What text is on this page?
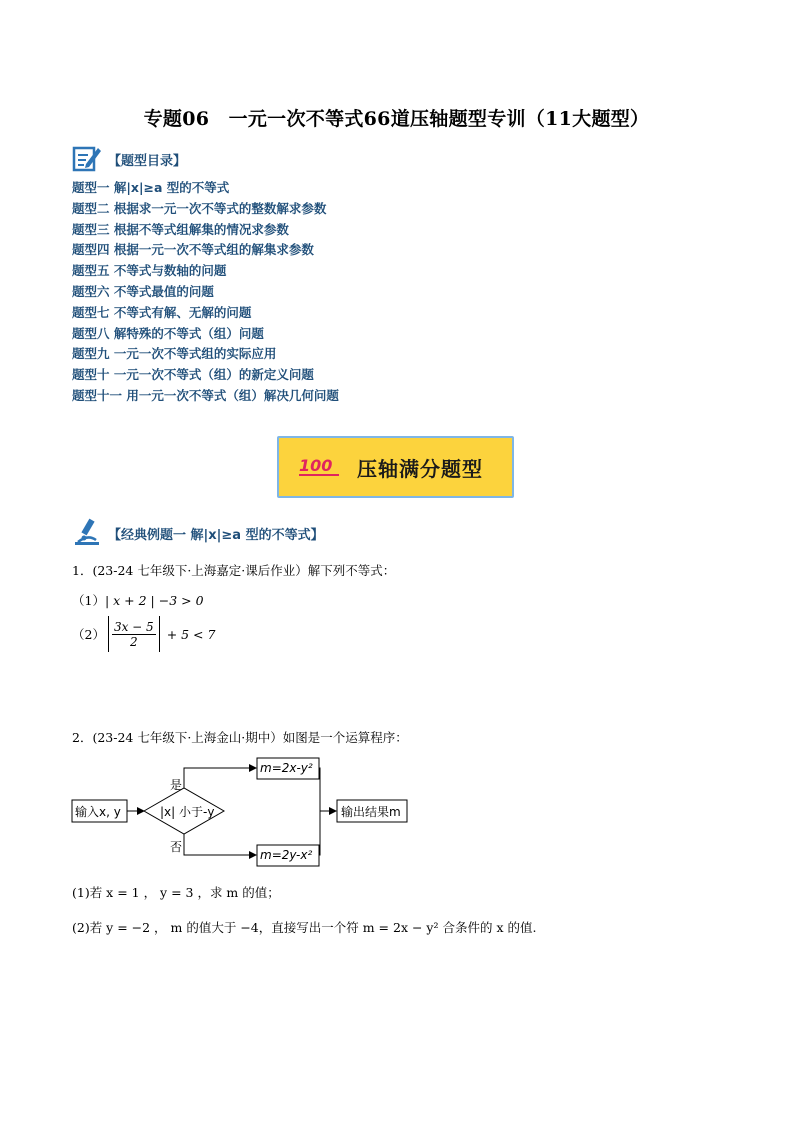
专题06　一元一次不等式66道压轴题型专训（11大题型）
【题型目录】
题型一 解|x|≥a 型的不等式
题型二 根据求一元一次不等式的整数解求参数
题型三 根据不等式组解集的情况求参数
题型四 根据一元一次不等式组的解集求参数
题型五 不等式与数轴的问题
题型六 不等式最值的问题
题型七 不等式有解、无解的问题
题型八 解特殊的不等式（组）问题
题型九 一元一次不等式组的实际应用
题型十 一元一次不等式（组）的新定义问题
题型十一 用一元一次不等式（组）解决几何问题
100	压轴满分题型
【经典例题一 解|x|≥a 型的不等式】
1．(23-24 七年级下·上海嘉定·课后作业）解下列不等式：
（1）| x + 2 | −3 > 0
$(2) \frac{3x - 5}{2} + 5 < 7$
2．(23-24 七年级下·上海金山·期中）如图是一个运算程序：
输入x, y	|x| 小于-y
是
否
m=2x-y²
m=2y-x²
输出结果m
(1)若 x = 1 ， y = 3 ，求 m 的值；
(2)若 y = −2 ， m 的值大于 −4，直接写出一个符 m = 2x − y² 合条件的 x 的值.
